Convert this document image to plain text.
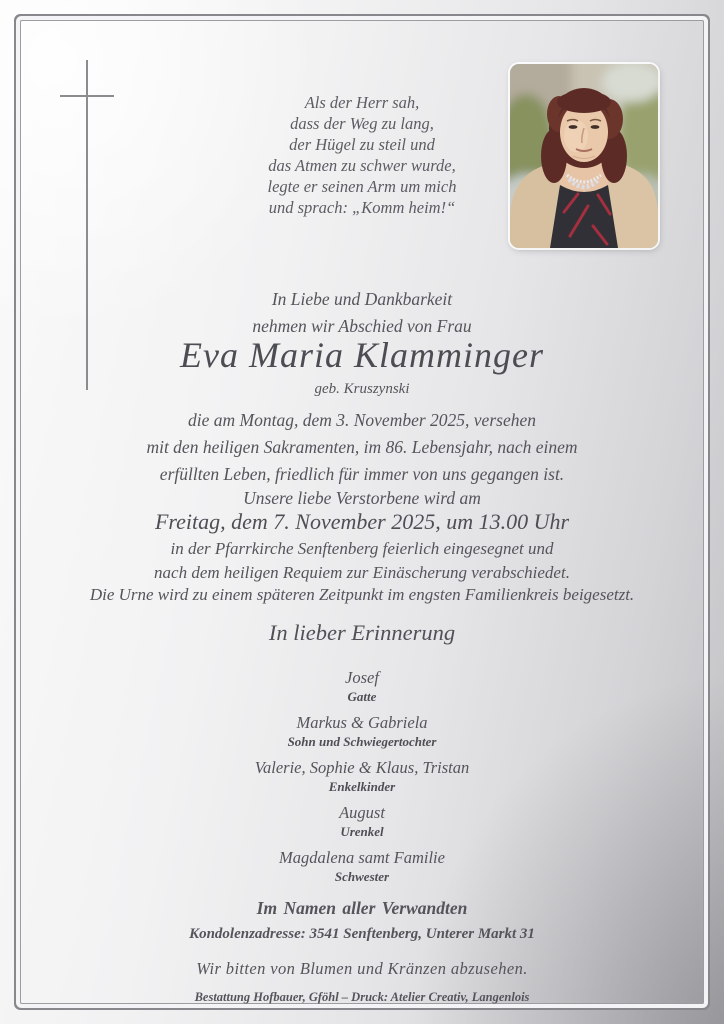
Als der Herr sah,
dass der Weg zu lang,
der Hügel zu steil und
das Atmen zu schwer wurde,
legte er seinen Arm um mich
und sprach: „Komm heim!“
In Liebe und Dankbarkeit
nehmen wir Abschied von Frau
Eva Maria Klamminger
geb. Kruszynski
die am Montag, dem 3. November 2025, versehen
mit den heiligen Sakramenten, im 86. Lebensjahr, nach einem
erfüllten Leben, friedlich für immer von uns gegangen ist.
Unsere liebe Verstorbene wird am
Freitag, dem 7. November 2025, um 13.00 Uhr
in der Pfarrkirche Senftenberg feierlich eingesegnet und
nach dem heiligen Requiem zur Einäscherung verabschiedet.
Die Urne wird zu einem späteren Zeitpunkt im engsten Familienkreis beigesetzt.
In lieber Erinnerung
Josef
Gatte
Markus & Gabriela
Sohn und Schwiegertochter
Valerie, Sophie & Klaus, Tristan
Enkelkinder
August
Urenkel
Magdalena samt Familie
Schwester
Im Namen aller Verwandten
Kondolenzadresse: 3541 Senftenberg, Unterer Markt 31
Wir bitten von Blumen und Kränzen abzusehen.
Bestattung Hofbauer, Gföhl – Druck: Atelier Creativ, Langenlois
